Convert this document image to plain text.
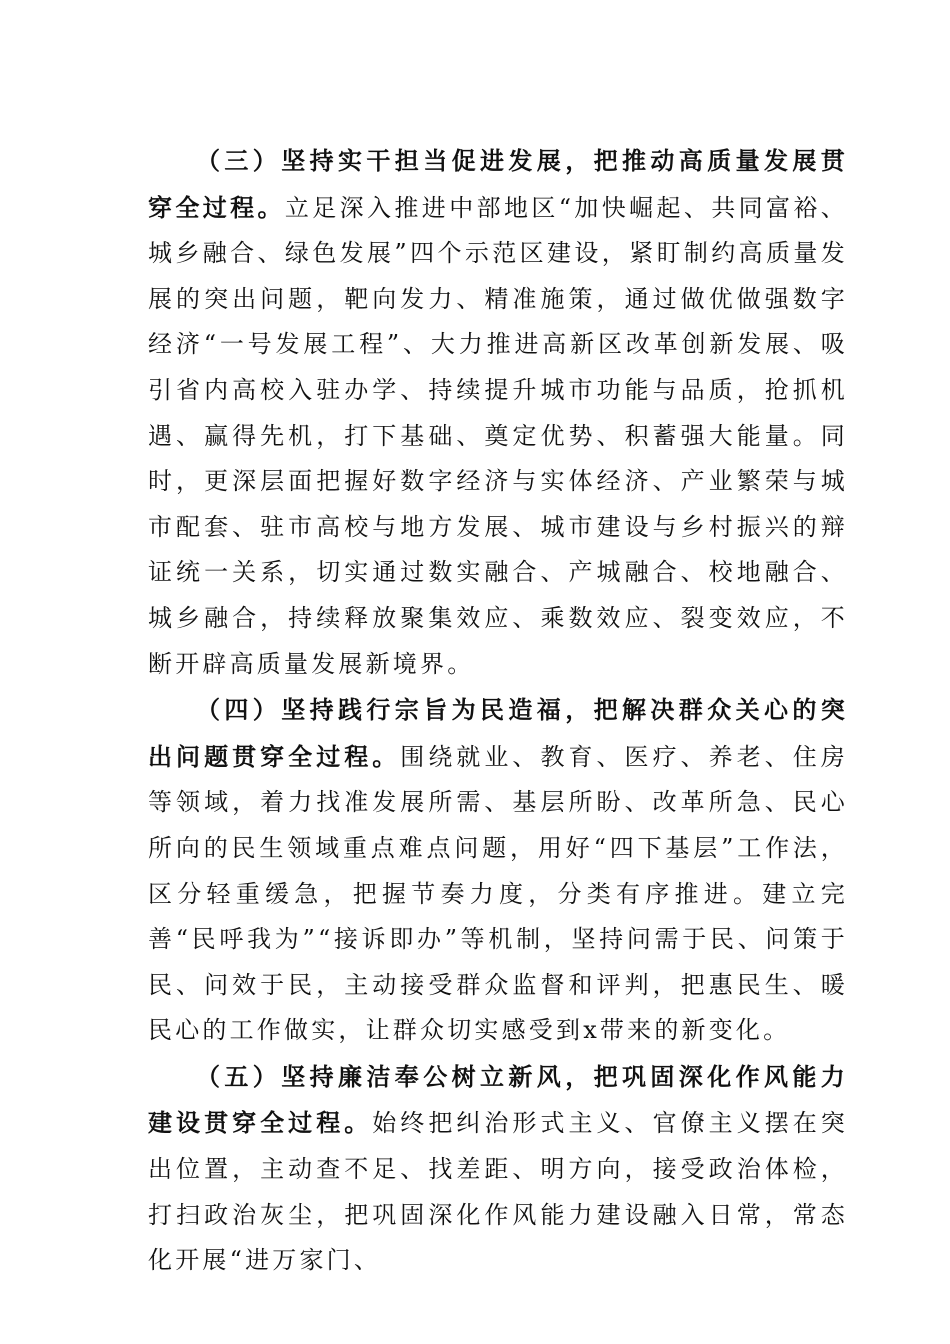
（三）坚持实干担当促进发展，把推动高质量发展贯穿全过程。立足深入推进中部地区“加快崛起、共同富裕、城乡融合、绿色发展”四个示范区建设，紧盯制约高质量发展的突出问题，靶向发力、精准施策，通过做优做强数字经济“一号发展工程”、大力推进高新区改革创新发展、吸引省内高校入驻办学、持续提升城市功能与品质，抢抓机遇、赢得先机，打下基础、奠定优势、积蓄强大能量。同时，更深层面把握好数字经济与实体经济、产业繁荣与城市配套、驻市高校与地方发展、城市建设与乡村振兴的辩证统一关系，切实通过数实融合、产城融合、校地融合、城乡融合，持续释放聚集效应、乘数效应、裂变效应，不断开辟高质量发展新境界。

（四）坚持践行宗旨为民造福，把解决群众关心的突出问题贯穿全过程。围绕就业、教育、医疗、养老、住房等领域，着力找准发展所需、基层所盼、改革所急、民心所向的民生领域重点难点问题，用好“四下基层”工作法，区分轻重缓急，把握节奏力度，分类有序推进。建立完善“民呼我为”“接诉即办”等机制，坚持问需于民、问策于民、问效于民，主动接受群众监督和评判，把惠民生、暖民心的工作做实，让群众切实感受到x带来的新变化。

（五）坚持廉洁奉公树立新风，把巩固深化作风能力建设贯穿全过程。始终把纠治形式主义、官僚主义摆在突出位置，主动查不足、找差距、明方向，接受政治体检，打扫政治灰尘，把巩固深化作风能力建设融入日常，常态化开展“进万家门、
